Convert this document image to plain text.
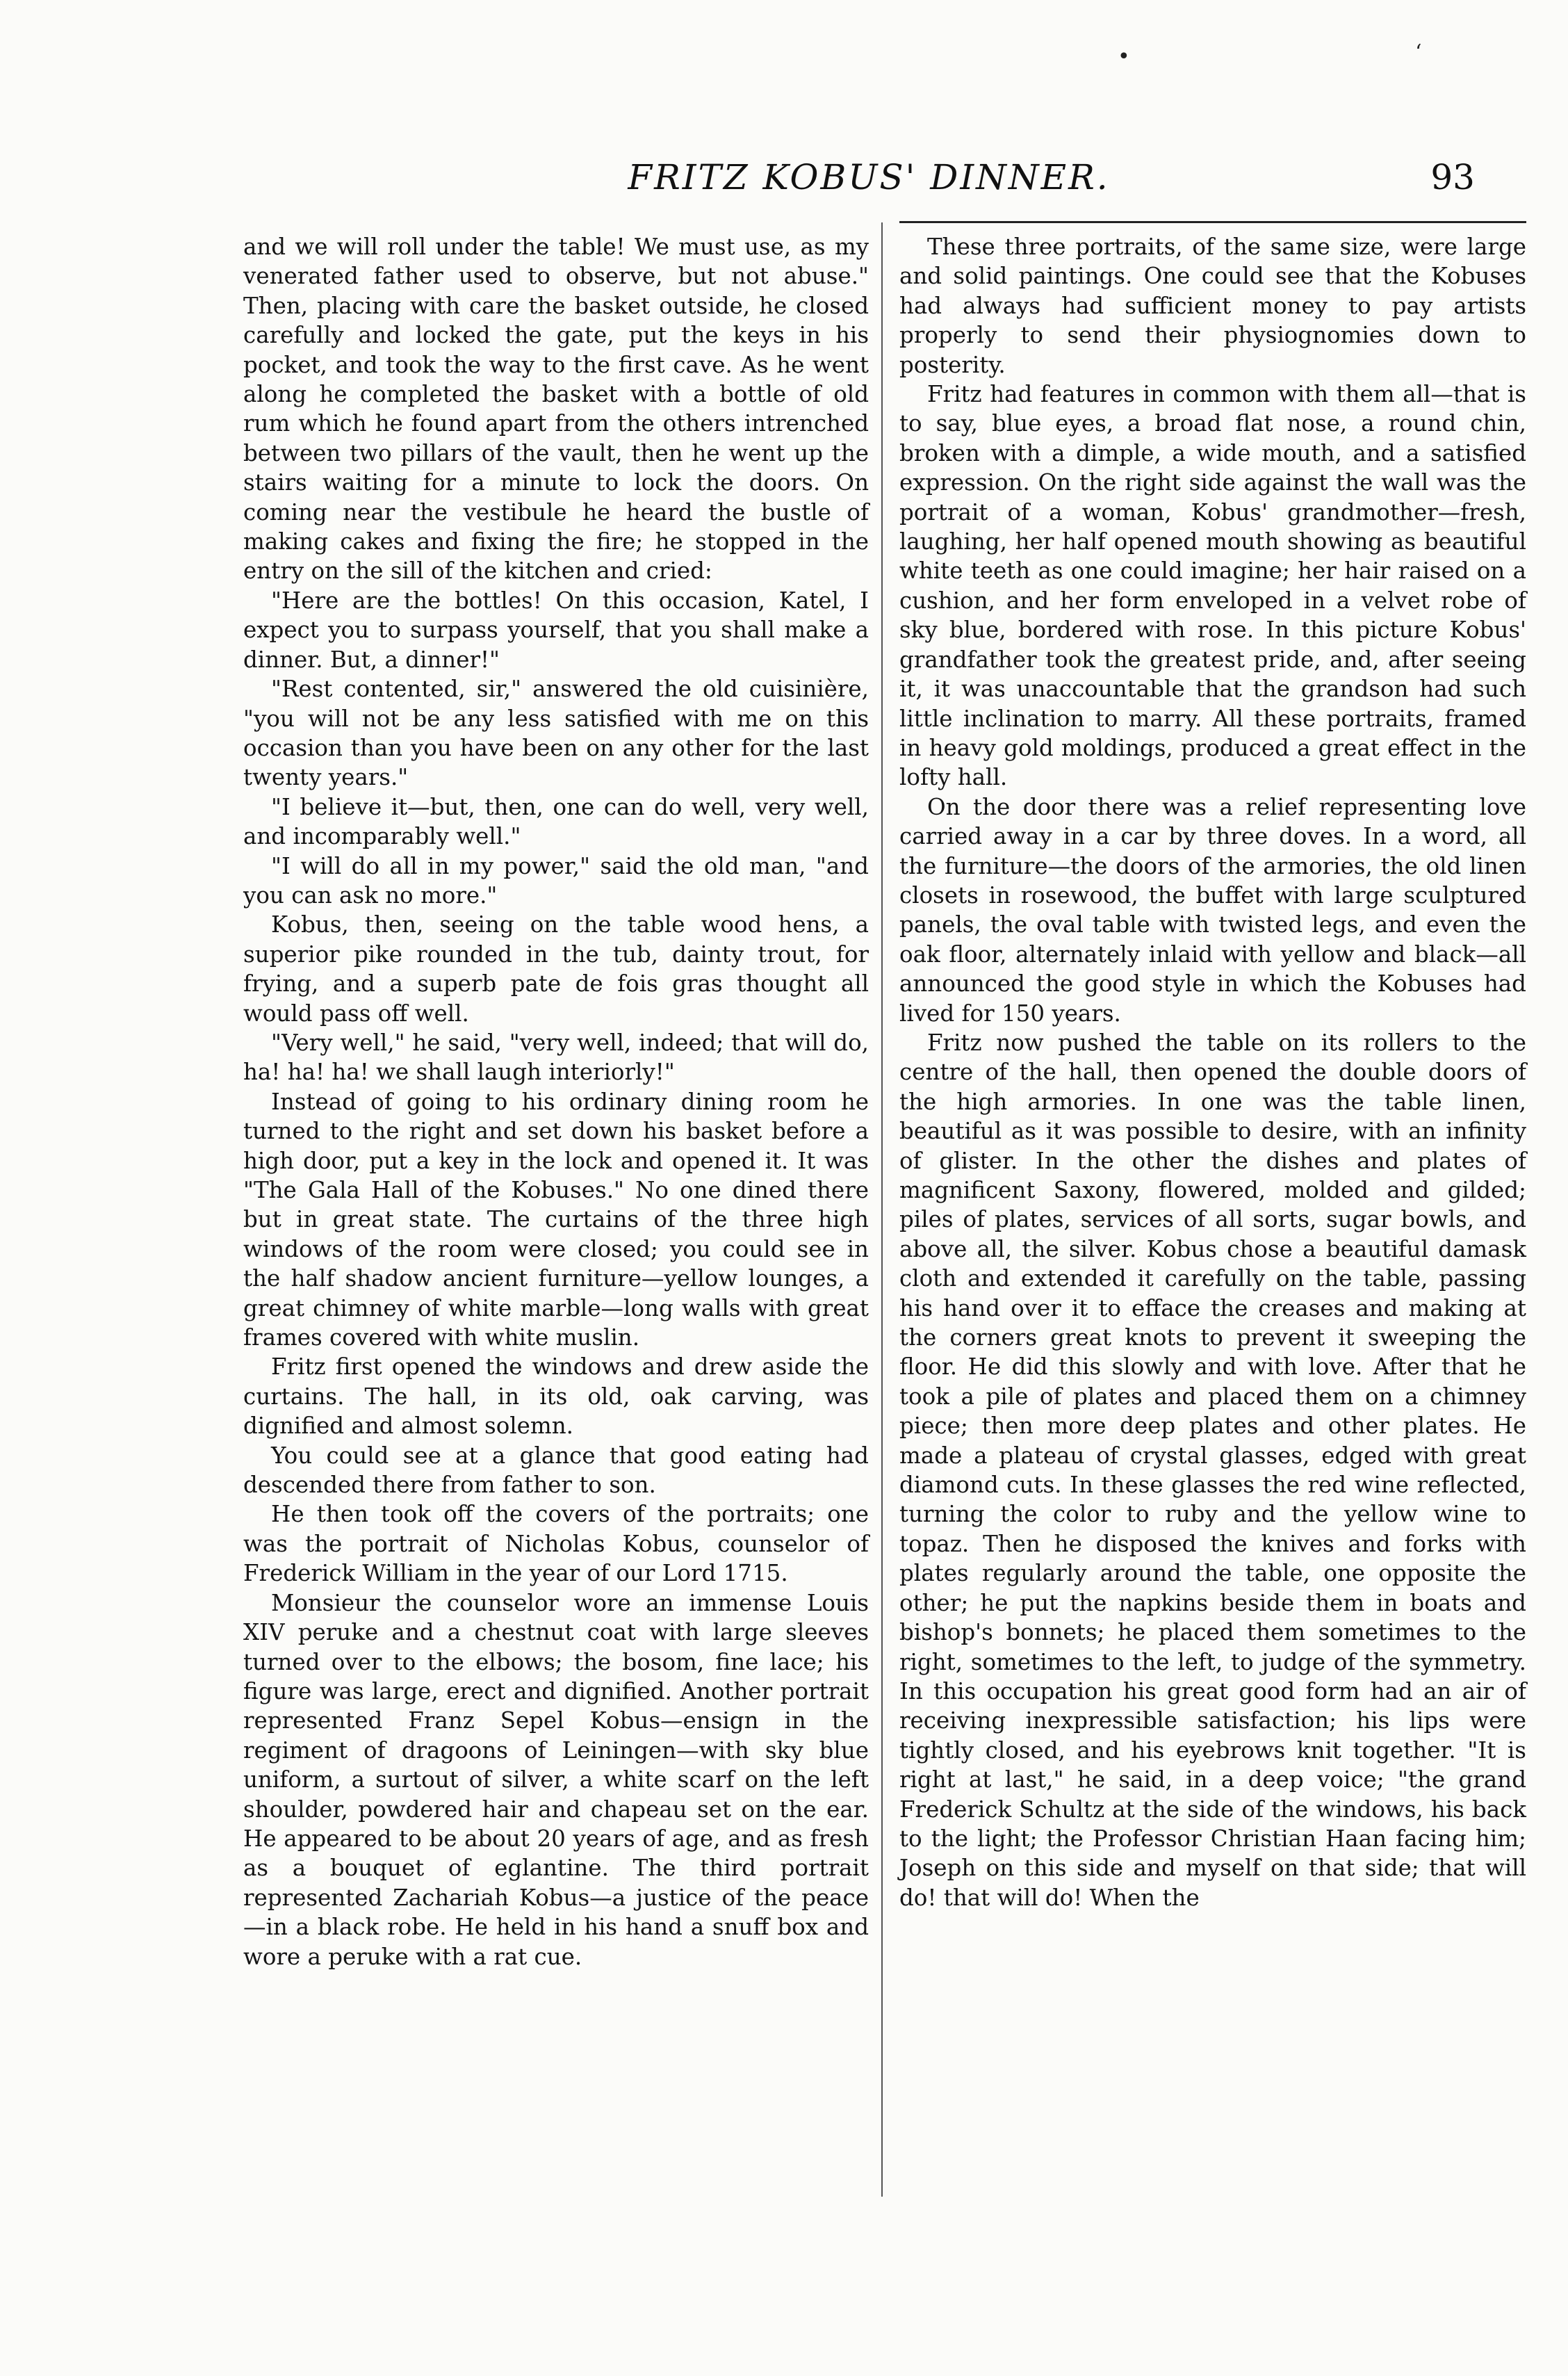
•	‘
FRITZ KOBUS' DINNER.	93

and we will roll under the table! We must use, as my venerated father used to observe, but not abuse." Then, placing with care the basket outside, he closed carefully and locked the gate, put the keys in his pocket, and took the way to the first cave. As he went along he completed the basket with a bottle of old rum which he found apart from the others intrenched between two pillars of the vault, then he went up the stairs waiting for a minute to lock the doors. On coming near the vestibule he heard the bustle of making cakes and fixing the fire; he stopped in the entry on the sill of the kitchen and cried:

"Here are the bottles! On this occasion, Katel, I expect you to surpass yourself, that you shall make a dinner. But, a dinner!"

"Rest contented, sir," answered the old cuisinière, "you will not be any less satisfied with me on this occasion than you have been on any other for the last twenty years."

"I believe it—but, then, one can do well, very well, and incomparably well."

"I will do all in my power," said the old man, "and you can ask no more."

Kobus, then, seeing on the table wood hens, a superior pike rounded in the tub, dainty trout, for frying, and a superb pate de fois gras thought all would pass off well.

"Very well," he said, "very well, indeed; that will do, ha! ha! ha! we shall laugh interiorly!"

Instead of going to his ordinary dining room he turned to the right and set down his basket before a high door, put a key in the lock and opened it. It was "The Gala Hall of the Kobuses." No one dined there but in great state. The curtains of the three high windows of the room were closed; you could see in the half shadow ancient furniture—yellow lounges, a great chimney of white marble—long walls with great frames covered with white muslin.

Fritz first opened the windows and drew aside the curtains. The hall, in its old, oak carving, was dignified and almost solemn.

You could see at a glance that good eating had descended there from father to son.

He then took off the covers of the portraits; one was the portrait of Nicholas Kobus, counselor of Frederick William in the year of our Lord 1715.

Monsieur the counselor wore an immense Louis XIV peruke and a chestnut coat with large sleeves turned over to the elbows; the bosom, fine lace; his figure was large, erect and dignified. Another portrait represented Franz Sepel Kobus—ensign in the regiment of dragoons of Leiningen—with sky blue uniform, a surtout of silver, a white scarf on the left shoulder, powdered hair and chapeau set on the ear. He appeared to be about 20 years of age, and as fresh as a bouquet of eglantine. The third portrait represented Zachariah Kobus—a justice of the peace—in a black robe. He held in his hand a snuff box and wore a peruke with a rat cue.

These three portraits, of the same size, were large and solid paintings. One could see that the Kobuses had always had sufficient money to pay artists properly to send their physiognomies down to posterity.

Fritz had features in common with them all—that is to say, blue eyes, a broad flat nose, a round chin, broken with a dimple, a wide mouth, and a satisfied expression. On the right side against the wall was the portrait of a woman, Kobus' grandmother—fresh, laughing, her half opened mouth showing as beautiful white teeth as one could imagine; her hair raised on a cushion, and her form enveloped in a velvet robe of sky blue, bordered with rose. In this picture Kobus' grandfather took the greatest pride, and, after seeing it, it was unaccountable that the grandson had such little inclination to marry. All these portraits, framed in heavy gold moldings, produced a great effect in the lofty hall.

On the door there was a relief representing love carried away in a car by three doves. In a word, all the furniture—the doors of the armories, the old linen closets in rosewood, the buffet with large sculptured panels, the oval table with twisted legs, and even the oak floor, alternately inlaid with yellow and black—all announced the good style in which the Kobuses had lived for 150 years.

Fritz now pushed the table on its rollers to the centre of the hall, then opened the double doors of the high armories. In one was the table linen, beautiful as it was possible to desire, with an infinity of glister. In the other the dishes and plates of magnificent Saxony, flowered, molded and gilded; piles of plates, services of all sorts, sugar bowls, and above all, the silver. Kobus chose a beautiful damask cloth and extended it carefully on the table, passing his hand over it to efface the creases and making at the corners great knots to prevent it sweeping the floor. He did this slowly and with love. After that he took a pile of plates and placed them on a chimney piece; then more deep plates and other plates. He made a plateau of crystal glasses, edged with great diamond cuts. In these glasses the red wine reflected, turning the color to ruby and the yellow wine to topaz. Then he disposed the knives and forks with plates regularly around the table, one opposite the other; he put the napkins beside them in boats and bishop's bonnets; he placed them sometimes to the right, sometimes to the left, to judge of the symmetry. In this occupation his great good form had an air of receiving inexpressible satisfaction; his lips were tightly closed, and his eyebrows knit together. "It is right at last," he said, in a deep voice; "the grand Frederick Schultz at the side of the windows, his back to the light; the Professor Christian Haan facing him; Joseph on this side and myself on that side; that will do! that will do! When the
